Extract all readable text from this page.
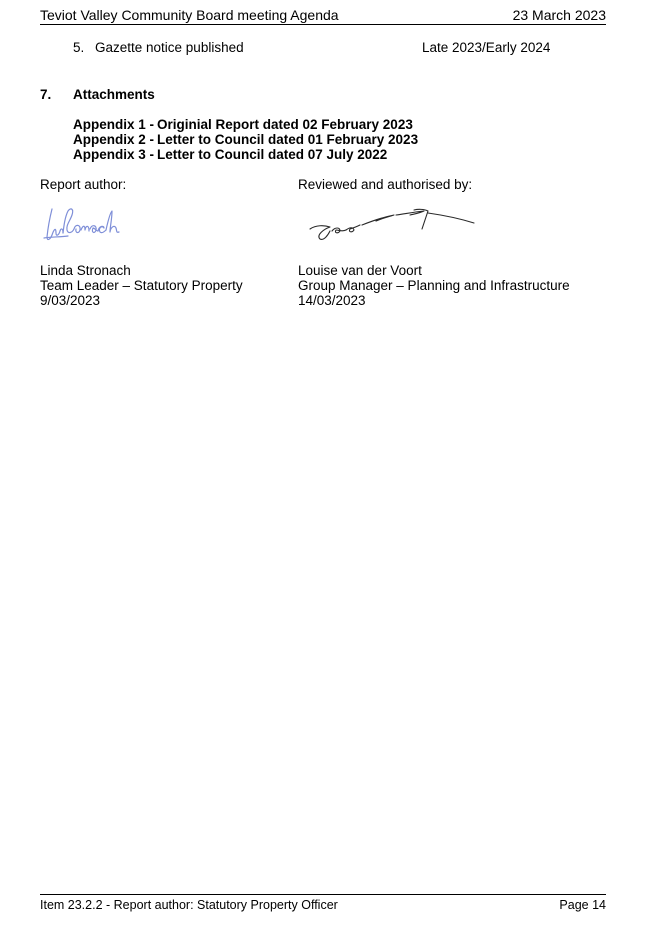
Teviot Valley Community Board meeting Agenda	23 March 2023
5. Gazette notice published	Late 2023/Early 2024
7. Attachments
Appendix 1 - Originial Report dated 02 February 2023
Appendix 2 - Letter to Council dated 01 February 2023
Appendix 3 - Letter to Council dated 07 July 2022
Report author:	Reviewed and authorised by:
Linda Stronach
Team Leader – Statutory Property
9/03/2023
Louise van der Voort
Group Manager – Planning and Infrastructure
14/03/2023
Item 23.2.2 - Report author: Statutory Property Officer	Page 14
